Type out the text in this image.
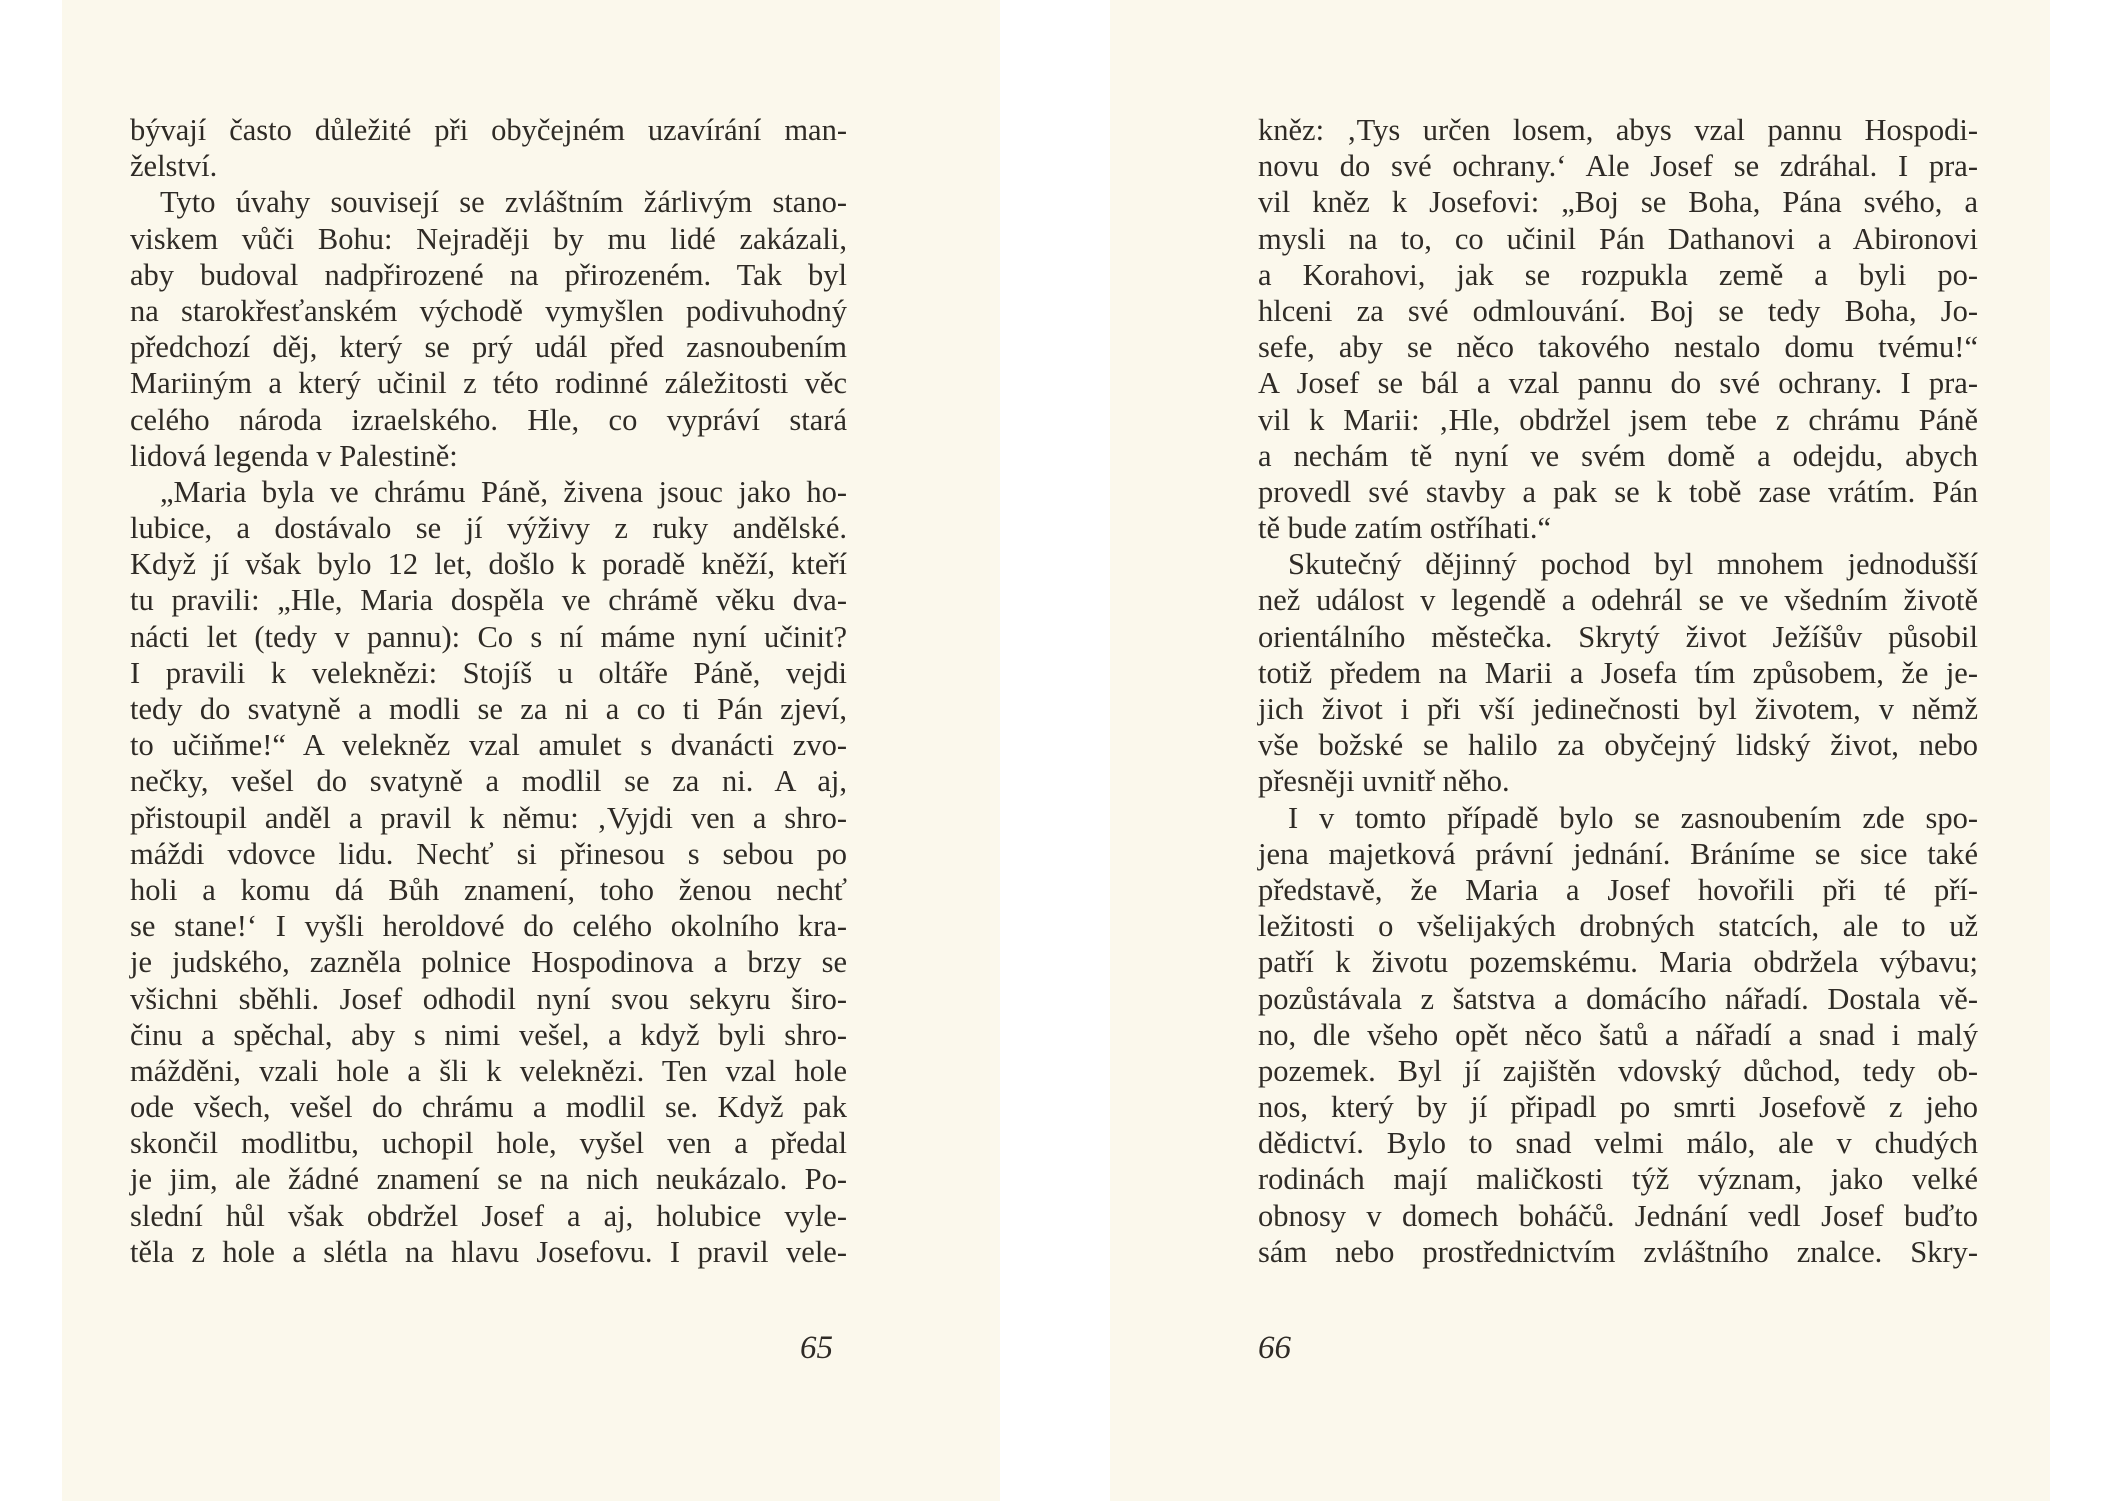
bývají často důležité při obyčejném uzavírání man-
želství.
Tyto úvahy souvisejí se zvláštním žárlivým stano-
viskem vůči Bohu: Nejraději by mu lidé zakázali,
aby budoval nadpřirozené na přirozeném. Tak byl
na starokřesťanském východě vymyšlen podivuhodný
předchozí děj, který se prý udál před zasnoubením
Mariiným a který učinil z této rodinné záležitosti věc
celého národa izraelského. Hle, co vypráví stará
lidová legenda v Palestině:
„Maria byla ve chrámu Páně, živena jsouc jako ho-
lubice, a dostávalo se jí výživy z ruky andělské.
Když jí však bylo 12 let, došlo k poradě kněží, kteří
tu pravili: „Hle, Maria dospěla ve chrámě věku dva-
nácti let (tedy v pannu): Co s ní máme nyní učinit?
I pravili k veleknězi: Stojíš u oltáře Páně, vejdi
tedy do svatyně a modli se za ni a co ti Pán zjeví,
to učiňme!“ A velekněz vzal amulet s dvanácti zvo-
nečky, vešel do svatyně a modlil se za ni. A aj,
přistoupil anděl a pravil k němu: ‚Vyjdi ven a shro-
máždi vdovce lidu. Nechť si přinesou s sebou po
holi a komu dá Bůh znamení, toho ženou nechť
se stane!‘ I vyšli heroldové do celého okolního kra-
je judského, zazněla polnice Hospodinova a brzy se
všichni sběhli. Josef odhodil nyní svou sekyru širo-
činu a spěchal, aby s nimi vešel, a když byli shro-
mážděni, vzali hole a šli k veleknězi. Ten vzal hole
ode všech, vešel do chrámu a modlil se. Když pak
skončil modlitbu, uchopil hole, vyšel ven a předal
je jim, ale žádné znamení se na nich neukázalo. Po-
slední hůl však obdržel Josef a aj, holubice vyle-
těla z hole a slétla na hlavu Josefovu. I pravil vele-
65
kněz: ‚Tys určen losem, abys vzal pannu Hospodi-
novu do své ochrany.‘ Ale Josef se zdráhal. I pra-
vil kněz k Josefovi: „Boj se Boha, Pána svého, a
mysli na to, co učinil Pán Dathanovi a Abironovi
a Korahovi, jak se rozpukla země a byli po-
hlceni za své odmlouvání. Boj se tedy Boha, Jo-
sefe, aby se něco takového nestalo domu tvému!“
A Josef se bál a vzal pannu do své ochrany. I pra-
vil k Marii: ‚Hle, obdržel jsem tebe z chrámu Páně
a nechám tě nyní ve svém domě a odejdu, abych
provedl své stavby a pak se k tobě zase vrátím. Pán
tě bude zatím ostříhati.“
Skutečný dějinný pochod byl mnohem jednodušší
než událost v legendě a odehrál se ve všedním životě
orientálního městečka. Skrytý život Ježíšův působil
totiž předem na Marii a Josefa tím způsobem, že je-
jich život i při vší jedinečnosti byl životem, v němž
vše božské se halilo za obyčejný lidský život, nebo
přesněji uvnitř něho.
I v tomto případě bylo se zasnoubením zde spo-
jena majetková právní jednání. Bráníme se sice také
představě, že Maria a Josef hovořili při té pří-
ležitosti o všelijakých drobných statcích, ale to už
patří k životu pozemskému. Maria obdržela výbavu;
pozůstávala z šatstva a domácího nářadí. Dostala vě-
no, dle všeho opět něco šatů a nářadí a snad i malý
pozemek. Byl jí zajištěn vdovský důchod, tedy ob-
nos, který by jí připadl po smrti Josefově z jeho
dědictví. Bylo to snad velmi málo, ale v chudých
rodinách mají maličkosti týž význam, jako velké
obnosy v domech boháčů. Jednání vedl Josef buďto
sám nebo prostřednictvím zvláštního znalce. Skry-
66
